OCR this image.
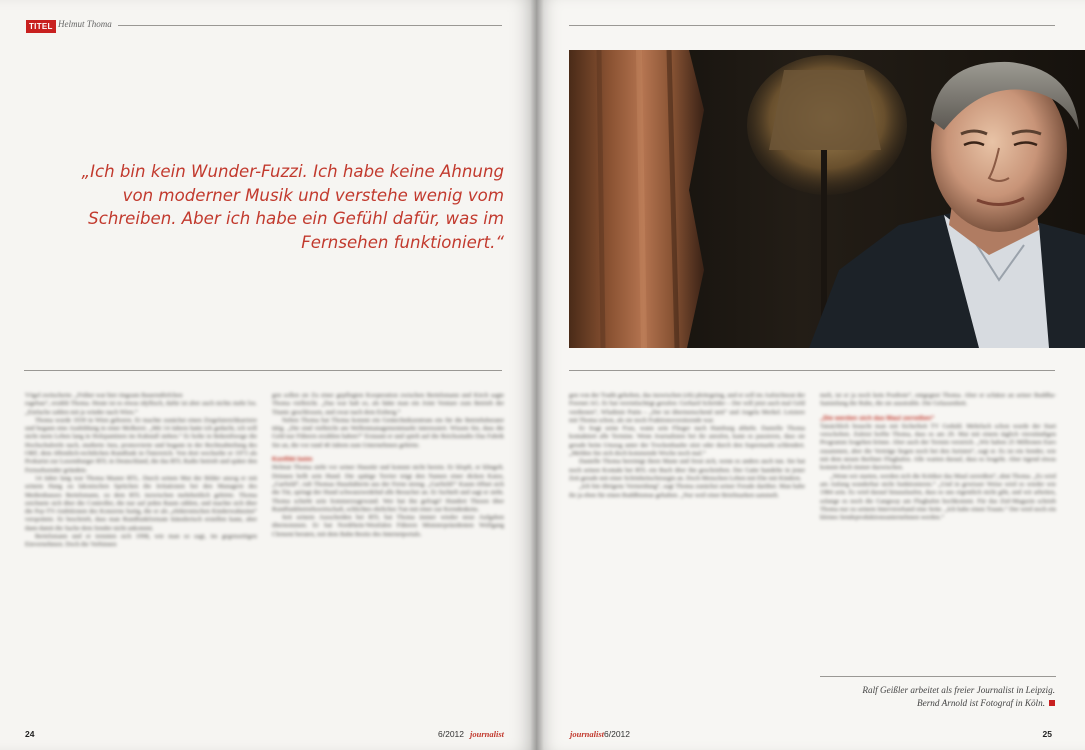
TITEL Helmut Thoma
„Ich bin kein Wunder-Fuzzi. Ich habe keine Ahnung
von moderner Musik und verstehe wenig vom
Schreiben. Aber ich habe ein Gefühl dafür, was im
Fernsehen funktioniert.“

Vögel zwitscherte. „Früher war hier ringsum Bauerndörfchen

ragebau“, erzählt Thoma. Heute ist es etwas idyllisch, dafür ist aber auch nichts mehr los. „Einfache zahlen mit ja winder nach Wien.“

Thoma wurde 1939 in Wien geboren. Er machte zunächst einen Ziegelstreichkarriere und begann eine Ausbildung in einer Molkerei. „Mit 14 Jahren hatte ich gedacht, ich will nicht mein Leben lang in Holzpantinen im Kuhstall stehen.“ Er holte in Bekenftwege die Hochschulreife nach, studierte Jura, promovierte und begann in der Rechtsabteilung des ORF, dem öffentlich-rechtlichen Rundfunk in Österreich. Von dort wechselte er 1973 als Prokurist zur Luxemburger RTL in Deutschland, die das RTL Radio betrieb und später den Fernsehsender gründete.

14 Jahre lang war Thoma Master RTL. Durch seinen Mut der Bilder anzog er mit seinem Hang zu lakonischen Sprüchen die Irritationen bei den Managern des Medienhauses Bertelsmann, zu dem RTL inzwischen mehrheitlich gehörte. Thoma zeichnete sich über die Controller, die nur auf jeden Raum zählen, und machte sich über die Pay-TV-Ambitionen des Konzerns lustig, die er als „elektronischen Kinderwahnsinn“ verspottete. Er beschrieb, dass man Rundfunkformate künstlerisch erstellen kann, aber dann damit die Sache dem Sender nicht ankommt.

Bertelsmann und er trennten sich 1998, wie man so sagt, im gegenseitigen Einvernehmen. Doch die Verbinnen

gen sollen sie Zu einer gepflegten Kooperation zwischen Bertelsmann und Kirch sagte Thoma vielleicht. „Das war halt so, als hätte man ein Joint Venture zum Betrieb der Titanic geschlossen, und zwar nach dem Eisberg.“

Neben Thoma hat Thoma kommt ein Gentechnikzentrum ein für die Betriebsberater tätig. „Die sind vielleicht am Wellenmanagementmarkt interessiert. Wissen Sie, dass die Geld nur Führern erzählen haben?“ Erstaunt er und spielt auf die Reichsstudio Das Fabrik Sie an, die vor rund 40 Jahren zum Unternehmen gehörte.

Konflikt beim

Helmut Thoma sieht vor seiner Haustür und kommt nicht herein. Er klopft, er klingelt. Drinnen bellt sein Hund. Die spätige Terrier trägt den Namen einer dicken Katze, „Garfield“, ruft Thomas Haushälterin aus der Ferne streng. „Garfield!“ Kaum öffnet sich die Tür, springt der Hund schwanzwedelnd alle Besucher an. Er fuchtelt und sagt er sieht. Thoma schiebt sein Sommerzugewand. Wer hat ihn gefragt? Hundert Thesen über Rundfunkbetriebswirtschaft, schlichtes ehrliches Tun mit einer zur Kerndenkens.

Seit seinem Ausscheiden bei RTL hat Thoma immer wieder neue Aufgaben übernommen. Er hat Nordrhein-Westfalen Führern Ministerpräsidenten Wolfgang Clement beraten, mit dem Bahn Besitz des Internetportals.

24	6/2012 journalist

gen von der Tradit gehoben, das inzwischen (ob) pleitegeing, und er soll im Aufsichtsrat der Freenet AG. Er hat vereinfachtigt gerufen: Gerhard Schröder – Der will jetzt auch mal Geld verdienen“, Wladimir Putin – „Der ist übermenschend nett“ und Angela Merkel. Letztere mit Thoma schon, als sie noch Fraktionsvorsitzende war.

Er fragt seine Frau, wann sein Flieger nach Hamburg abhebt. Danielle Thoma kontaktiert alle Termine. Wenn Journalisten bei ihr anrufen, kann es passieren, dass sie gerade beim Umzug unter der Trockenhaube sitzt oder durch den Supermarkt schlendert. „Melden Sie sich doch kommende Woche noch mal.“

Danielle Thoma bereinigt ihren Mann und freut sich, wenn es anders auch tun. Sie hat noch seinen Kontakt bei RTL ein Buch über ihn geschrieben. Der Gatte handelte in jener Zeit gerade mit einer Schönheitschirurgin an. Doch Menschen Leben mit Ehe mit Kindern.

„Ich bin übrigens Vermeidung“, sagt Thoma zunächst seiner Freude darüber. Man habe ihr ja eben für einen Buddhismus gehalten. „Nur weil einer Briefmarken sammelt.

melt, ist er ja noch kein Postbote“, entgegnet Thoma. Aber er schätze an seiner Buddha-Sammlung die Ruhe, die sie ausstrahle. Die Gelassenheit.

„Die werden sich das Maul zerreißen“

Tatsächlich braucht man mit Sicherheit TV Geduld. Mehrfach schon wurde der Start verschoben. Zuletzt hoffte Thoma, dass es am 29. Mai mit einem täglich vierstündigen Programm losgehen könne. Aber auch der Termin verstrich. „Wir haben 25 Millionen Euro zusammen, aber die Verträge liegen noch bei den Juristen“, sagt er. Es ist ein Sender, wie mit dem neuen Berliner Flughafen. Alle warten darauf, dass es losgeht. Aber irgend etwas kommt doch immer dazwischen.

„Wenn wir starten, werden sich die Kritiker das Maul zerreißen“, ahnt Thoma. „Es wird am Anfang wunderbar nicht funktionieren.“ „Und in gewisser Weise wird es wieder wie 1984 sein. Es wird darauf hinauslaufen, dass es uns eigentlich nicht gibt, und wir arbeiten, solange es noch die Gangway am Flughafen hochkommt. Für das Ziel-Magazin schrieb Thoma nur zu seinem Interviewband eine Seite. „Ich habe einen Traum.“ Der wird noch ein kleines Sendeproduktionsunternehmen werden.“

Ralf Geißler arbeitet als freier Journalist in Leipzig.
Bernd Arnold ist Fotograf in Köln.
journalist 6/2012	25
